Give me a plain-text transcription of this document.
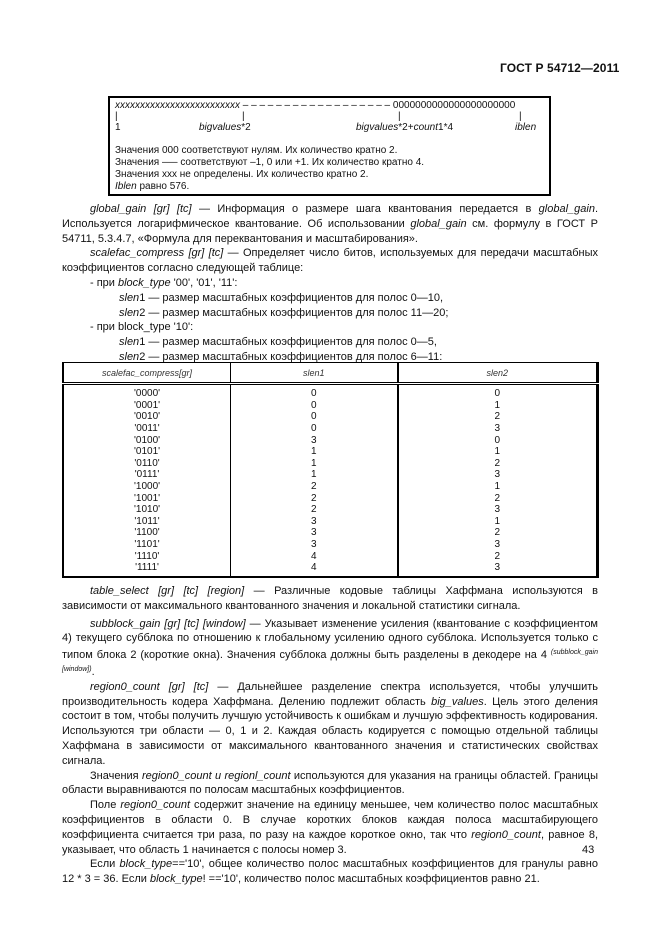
ГОСТ Р 54712—2011
xxxxxxxxxxxxxxxxxxxxxxxxx – – – – – – – – – – – – – – – – – – 0000000000000000000000
|	|	|	|
1	bigvalues*2	bigvalues*2+count1*4	iblen
Значения 000 соответствуют нулям. Их количество кратно 2.
Значения —– соответствуют –1, 0 или +1. Их количество кратно 4.
Значения xxx не определены. Их количество кратно 2.
Iblen равно 576.

global_gain [gr] [tc] — Информация о размере шага квантования передается в global_gain. Используется логарифмическое квантование. Об использовании global_gain см. формулу в ГОСТ Р 54711, 5.3.4.7, «Формула для переквантования и масштабирования».

scalefac_compress [gr] [tc] — Определяет число битов, используемых для передачи масштабных коэффициентов согласно следующей таблице:

- при block_type '00', '01', '11':

slen1 — размер масштабных коэффициентов для полос 0—10,

slen2 — размер масштабных коэффициентов для полос 11—20;

- при block_type '10':

slen1 — размер масштабных коэффициентов для полос 0—5,

slen2 — размер масштабных коэффициентов для полос 6—11:

scalefac_compress[gr]	slen1	slen2
'0000'	0	0
'0001'	0	1
'0010'	0	2
'0011'	0	3
'0100'	3	0
'0101'	1	1
'0110'	1	2
'0111'	1	3
'1000'	2	1
'1001'	2	2
'1010'	2	3
'1011'	3	1
'1100'	3	2
'1101'	3	3
'1110'	4	2
'1111'	4	3

table_select [gr] [tc] [region] — Различные кодовые таблицы Хаффмана используются в зависимости от максимального квантованного значения и локальной статистики сигнала.

subblock_gain [gr] [tc] [window] — Указывает изменение усиления (квантование с коэффициентом 4) текущего субблока по отношению к глобальному усилению одного субблока. Используется только с типом блока 2 (короткие окна). Значения субблока должны быть разделены в декодере на 4 $^{(subblock\_gain [window])}$.

region0_count [gr] [tc] — Дальнейшее разделение спектра используется, чтобы улучшить производительность кодера Хаффмана. Делению подлежит область big_values. Цель этого деления состоит в том, чтобы получить лучшую устойчивость к ошибкам и лучшую эффективность кодирования. Используются три области — 0, 1 и 2. Каждая область кодируется с помощью отдельной таблицы Хаффмана в зависимости от максимального квантованного значения и статистических свойствах сигнала.

Значения region0_count и regionl_count используются для указания на границы областей. Границы области выравниваются по полосам масштабных коэффициентов.

Поле region0_count содержит значение на единицу меньшее, чем количество полос масштабных коэффициентов в области 0. В случае коротких блоков каждая полоса масштабирующего коэффициента считается три раза, по разу на каждое короткое окно, так что region0_count, равное 8, указывает, что область 1 начинается с полосы номер 3.

Если block_type=='10', общее количество полос масштабных коэффициентов для гранулы равно 12 * 3 = 36. Если block_type! =='10', количество полос масштабных коэффициентов равно 21.

43
